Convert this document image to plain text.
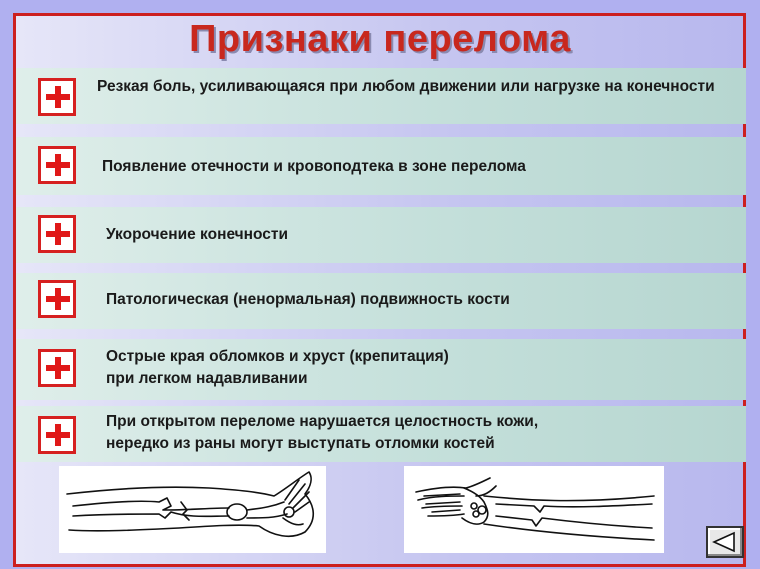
Признаки перелома
Резкая боль, усиливающаяся при любом движении или нагрузке на конечности
Появление отечности и кровоподтека в зоне перелома
Укорочение конечности
Патологическая (ненормальная) подвижность кости
Острые края обломков и хруст (крепитация)
при легком надавливании
При открытом переломе нарушается целостность кожи,
нередко из раны могут выступать отломки костей
